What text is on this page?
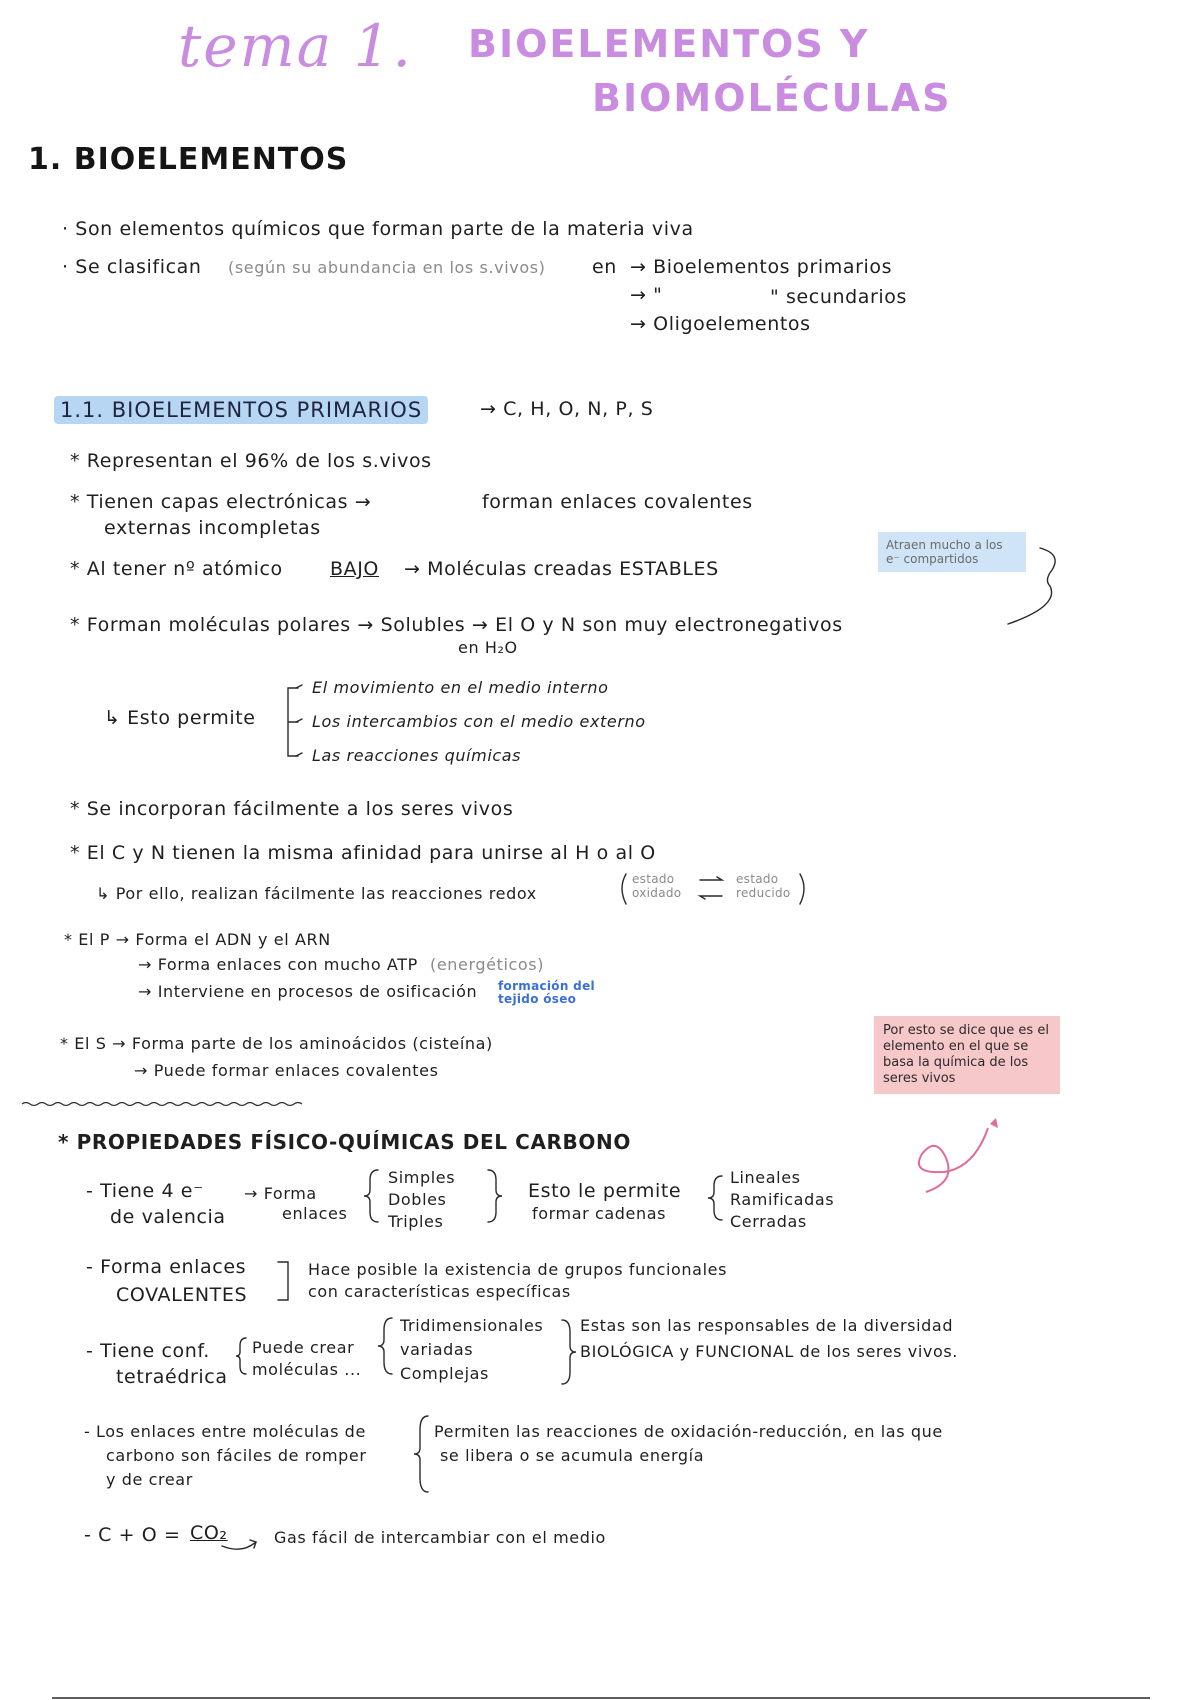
tema 1. BIOELEMENTOS Y
BIOMOLÉCULAS
1. BIOELEMENTOS
· Son elementos químicos que forman parte de la materia viva
· Se clasifican (según su abundancia en los s.vivos) en → Bioelementos primarios
→ "	" secundarios
→ Oligoelementos
1.1. BIOELEMENTOS PRIMARIOS	→ C, H, O, N, P, S
* Representan el 96% de los s.vivos
* Tienen capas electrónicas →
externas incompletas
forman enlaces covalentes
* Al tener nº atómico BAJO → Moléculas creadas ESTABLES
Atraen mucho a los e⁻ compartidos
* Forman moléculas polares → Solubles → El O y N son muy electronegativos
en H₂O
↳ Esto permite
El movimiento en el medio interno
Los intercambios con el medio externo
Las reacciones químicas
* Se incorporan fácilmente a los seres vivos
* El C y N tienen la misma afinidad para unirse al H o al O
↳ Por ello, realizan fácilmente las reacciones redox
estado oxidado
estado reducido
* El P → Forma el ADN y el ARN
→ Forma enlaces con mucho ATP (energéticos)
→ Interviene en procesos de osificación formación del tejido óseo
* El S → Forma parte de los aminoácidos (cisteína)
→ Puede formar enlaces covalentes
Por esto se dice que es el elemento en el que se basa la química de los seres vivos
* PROPIEDADES FÍSICO-QUÍMICAS DEL CARBONO
- Tiene 4 e⁻
de valencia
→ Forma
enlaces
Simples
Dobles
Triples
Esto le permite
formar cadenas
Lineales
Ramificadas
Cerradas
- Forma enlaces
COVALENTES
Hace posible la existencia de grupos funcionales
con características específicas
- Tiene conf.
tetraédrica
Puede crear
moléculas ...
Tridimensionales
variadas
Complejas
Estas son las responsables de la diversidad
BIOLÓGICA y FUNCIONAL de los seres vivos.
- Los enlaces entre moléculas de
carbono son fáciles de romper
y de crear
Permiten las reacciones de oxidación-reducción, en las que
se libera o se acumula energía
- C + O = CO₂	Gas fácil de intercambiar con el medio
